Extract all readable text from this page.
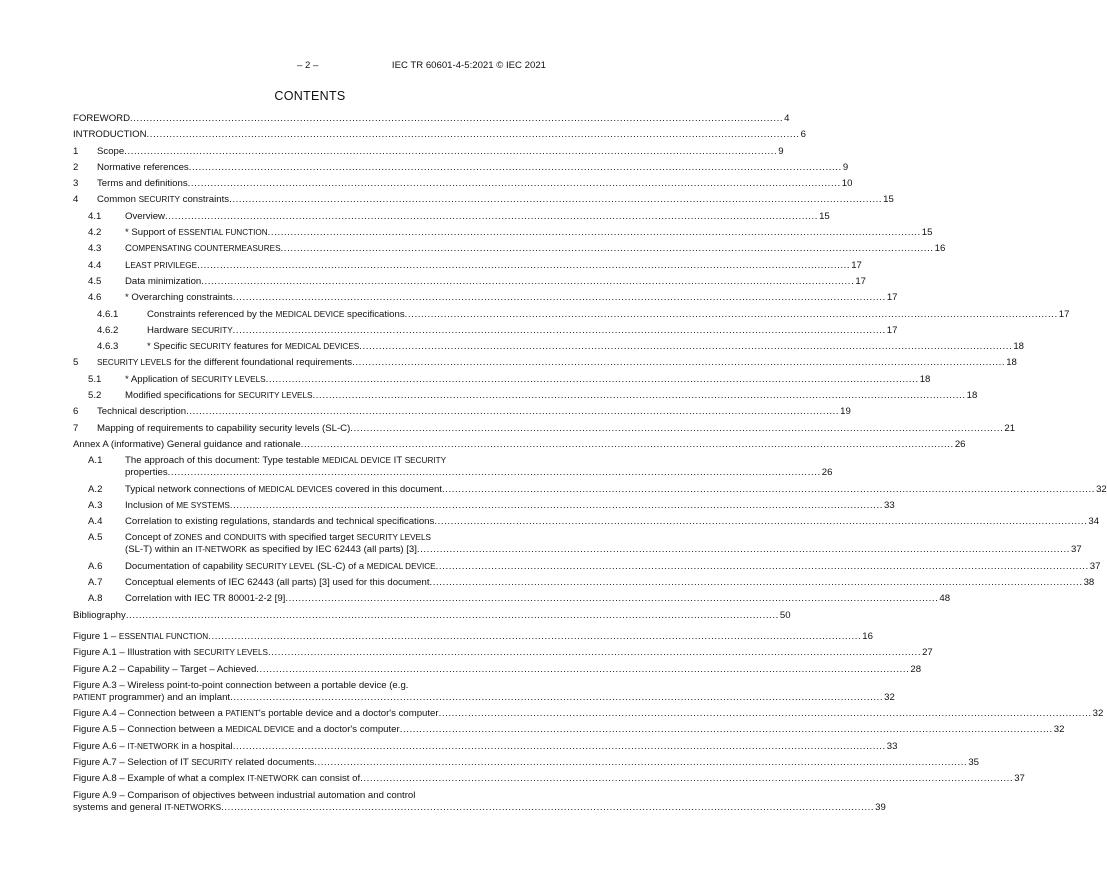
– 2 –	IEC TR 60601-4-5:2021 © IEC 2021
CONTENTS
FOREWORD ........................................................................................................................................................................................................ 4
INTRODUCTION ........................................................................................................................................................................................................ 6
1 Scope ........................................................................................................................................................................................................ 9
2 Normative references ........................................................................................................................................................................................................ 9
3 Terms and definitions ........................................................................................................................................................................................................ 10
4 Common SECURITY constraints ........................................................................................................................................................................................................ 15
4.1 Overview ........................................................................................................................................................................................................ 15
4.2 * Support of ESSENTIAL FUNCTION ........................................................................................................................................................................................................ 15
4.3 COMPENSATING COUNTERMEASURES ........................................................................................................................................................................................................ 16
4.4 LEAST PRIVILEGE ........................................................................................................................................................................................................ 17
4.5 Data minimization ........................................................................................................................................................................................................ 17
4.6 * Overarching constraints ........................................................................................................................................................................................................ 17
4.6.1	Constraints referenced by the MEDICAL DEVICE specifications ........................................................................................................................................................................................................ 17
4.6.2	Hardware SECURITY ........................................................................................................................................................................................................ 17
4.6.3	* Specific SECURITY features for MEDICAL DEVICES ........................................................................................................................................................................................................ 18
5 SECURITY LEVELS for the different foundational requirements ........................................................................................................................................................................................................ 18
5.1 * Application of SECURITY LEVELS ........................................................................................................................................................................................................ 18
5.2 Modified specifications for SECURITY LEVELS ........................................................................................................................................................................................................ 18
6 Technical description ........................................................................................................................................................................................................ 19
7 Mapping of requirements to capability security levels (SL-C) ........................................................................................................................................................................................................ 21
Annex A (informative) General guidance and rationale ........................................................................................................................................................................................................ 26
A.1 The approach of this document: Type testable MEDICAL DEVICE IT SECURITY
properties ........................................................................................................................................................................................................ 26
A.2 Typical network connections of MEDICAL DEVICES covered in this document ........................................................................................................................................................................................................ 32
A.3 Inclusion of ME SYSTEMS ........................................................................................................................................................................................................ 33
A.4 Correlation to existing regulations, standards and technical specifications ........................................................................................................................................................................................................ 34
A.5 Concept of ZONES and CONDUITS with specified target SECURITY LEVELS
(SL-T) within an IT-NETWORK as specified by IEC 62443 (all parts) [3] ........................................................................................................................................................................................................ 37
A.6 Documentation of capability SECURITY LEVEL (SL-C) of a MEDICAL DEVICE ........................................................................................................................................................................................................ 37
A.7 Conceptual elements of IEC 62443 (all parts) [3] used for this document ........................................................................................................................................................................................................ 38
A.8 Correlation with IEC TR 80001-2-2 [9] ........................................................................................................................................................................................................ 48
Bibliography ........................................................................................................................................................................................................ 50
Figure 1 – ESSENTIAL FUNCTION ........................................................................................................................................................................................................ 16
Figure A.1 – Illustration with SECURITY LEVELS ........................................................................................................................................................................................................ 27
Figure A.2 – Capability – Target – Achieved ........................................................................................................................................................................................................ 28
Figure A.3 – Wireless point-to-point connection between a portable device (e.g.
PATIENT programmer) and an implant ........................................................................................................................................................................................................ 32
Figure A.4 – Connection between a PATIENT's portable device and a doctor's computer ........................................................................................................................................................................................................ 32
Figure A.5 – Connection between a MEDICAL DEVICE and a doctor's computer ........................................................................................................................................................................................................ 32
Figure A.6 – IT-NETWORK in a hospital ........................................................................................................................................................................................................ 33
Figure A.7 – Selection of IT SECURITY related documents ........................................................................................................................................................................................................ 35
Figure A.8 – Example of what a complex IT-NETWORK can consist of ........................................................................................................................................................................................................ 37
Figure A.9 – Comparison of objectives between industrial automation and control
systems and general IT-NETWORKS ........................................................................................................................................................................................................ 39
